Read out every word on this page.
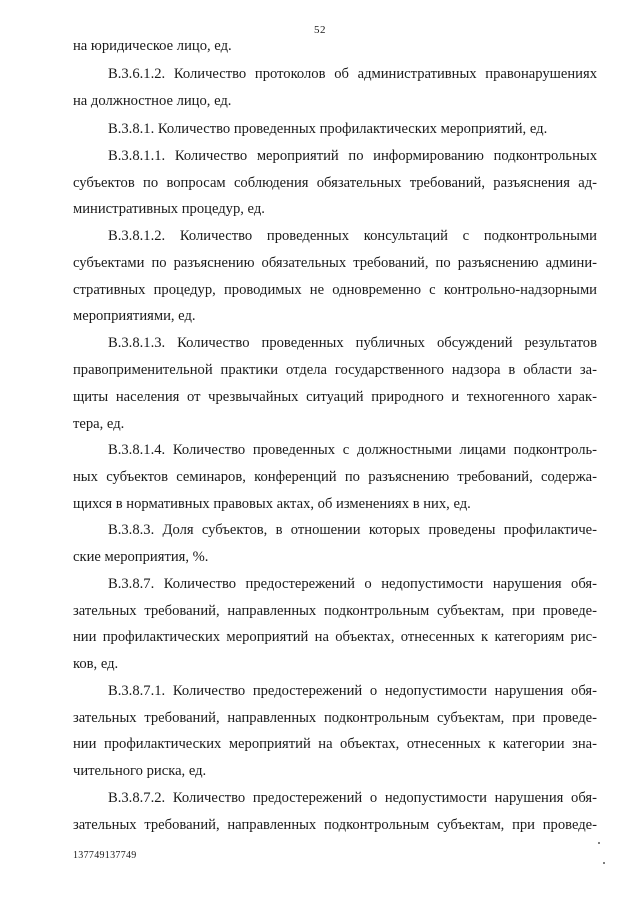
52
на юридическое лицо, ед.
В.3.6.1.2. Количество протоколов об административных правонарушениях
на должностное лицо, ед.
В.3.8.1. Количество проведенных профилактических мероприятий, ед.
В.3.8.1.1. Количество мероприятий по информированию подконтрольных
субъектов по вопросам соблюдения обязательных требований, разъяснения ад-
министративных процедур, ед.
В.3.8.1.2. Количество проведенных консультаций с подконтрольными
субъектами по разъяснению обязательных требований, по разъяснению админи-
стративных процедур, проводимых не одновременно с контрольно-надзорными
мероприятиями, ед.
В.3.8.1.3. Количество проведенных публичных обсуждений результатов
правоприменительной практики отдела государственного надзора в области за-
щиты населения от чрезвычайных ситуаций природного и техногенного харак-
тера, ед.
В.3.8.1.4. Количество проведенных с должностными лицами подконтроль-
ных субъектов семинаров, конференций по разъяснению требований, содержа-
щихся в нормативных правовых актах, об изменениях в них, ед.
В.3.8.3. Доля субъектов, в отношении которых проведены профилактиче-
ские мероприятия, %.
В.3.8.7. Количество предостережений о недопустимости нарушения обя-
зательных требований, направленных подконтрольным субъектам, при проведе-
нии профилактических мероприятий на объектах, отнесенных к категориям рис-
ков, ед.
В.3.8.7.1. Количество предостережений о недопустимости нарушения обя-
зательных требований, направленных подконтрольным субъектам, при проведе-
нии профилактических мероприятий на объектах, отнесенных к категории зна-
чительного риска, ед.
В.3.8.7.2. Количество предостережений о недопустимости нарушения обя-
зательных требований, направленных подконтрольным субъектам, при проведе-
137749137749
